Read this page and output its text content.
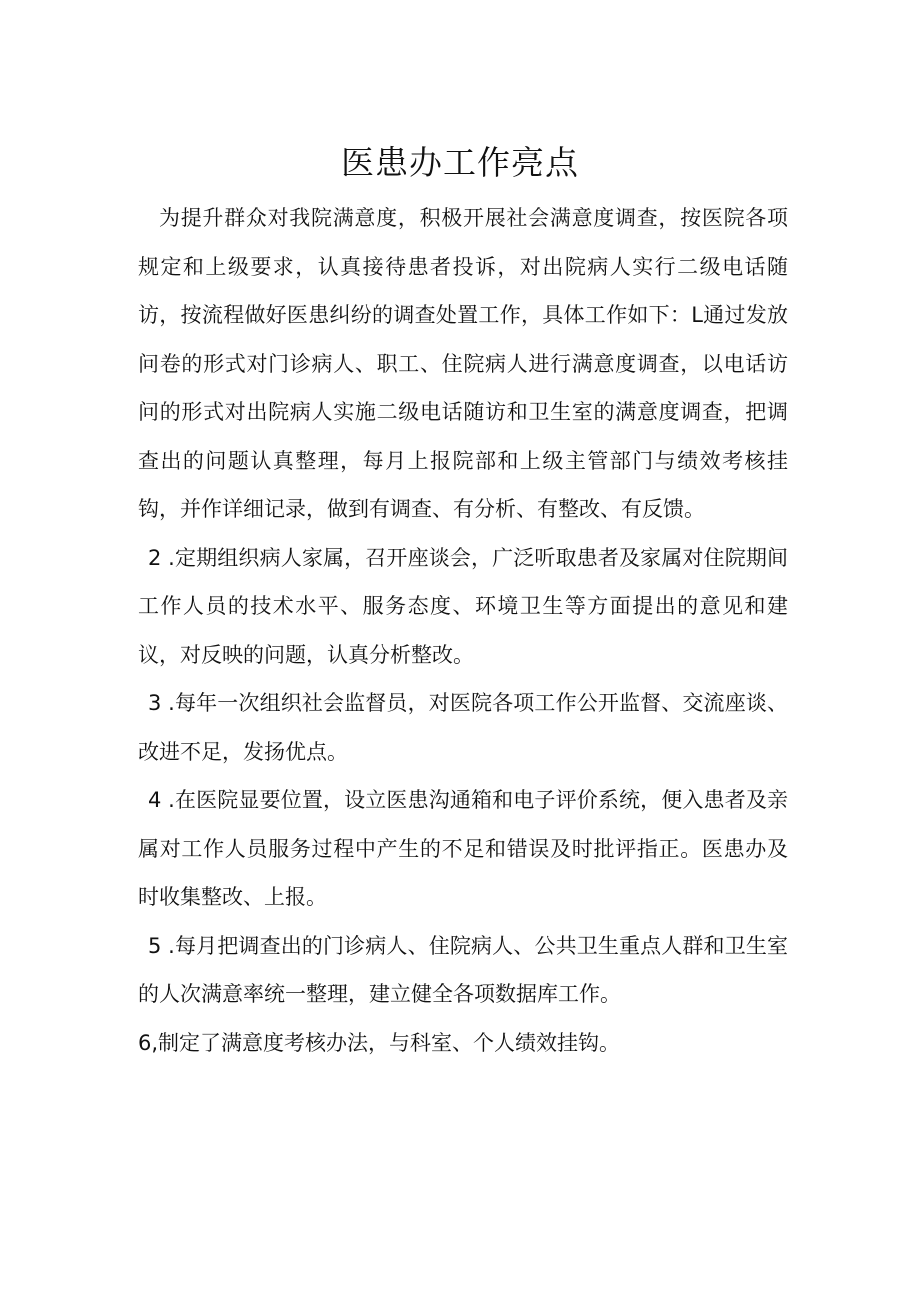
医患办工作亮点

为提升群众对我院满意度，积极开展社会满意度调查，按医院各项规定和上级要求，认真接待患者投诉，对出院病人实行二级电话随访，按流程做好医患纠纷的调查处置工作，具体工作如下：L通过发放问卷的形式对门诊病人、职工、住院病人进行满意度调查，以电话访问的形式对出院病人实施二级电话随访和卫生室的满意度调查，把调查出的问题认真整理，每月上报院部和上级主管部门与绩效考核挂钩，并作详细记录，做到有调查、有分析、有整改、有反馈。

2 .定期组织病人家属，召开座谈会，广泛听取患者及家属对住院期间工作人员的技术水平、服务态度、环境卫生等方面提出的意见和建议，对反映的问题，认真分析整改。

3 .每年一次组织社会监督员，对医院各项工作公开监督、交流座谈、改进不足，发扬优点。

4 .在医院显要位置，设立医患沟通箱和电子评价系统，便入患者及亲属对工作人员服务过程中产生的不足和错误及时批评指正。医患办及时收集整改、上报。

5 .每月把调查出的门诊病人、住院病人、公共卫生重点人群和卫生室的人次满意率统一整理，建立健全各项数据库工作。

6,制定了满意度考核办法，与科室、个人绩效挂钩。
